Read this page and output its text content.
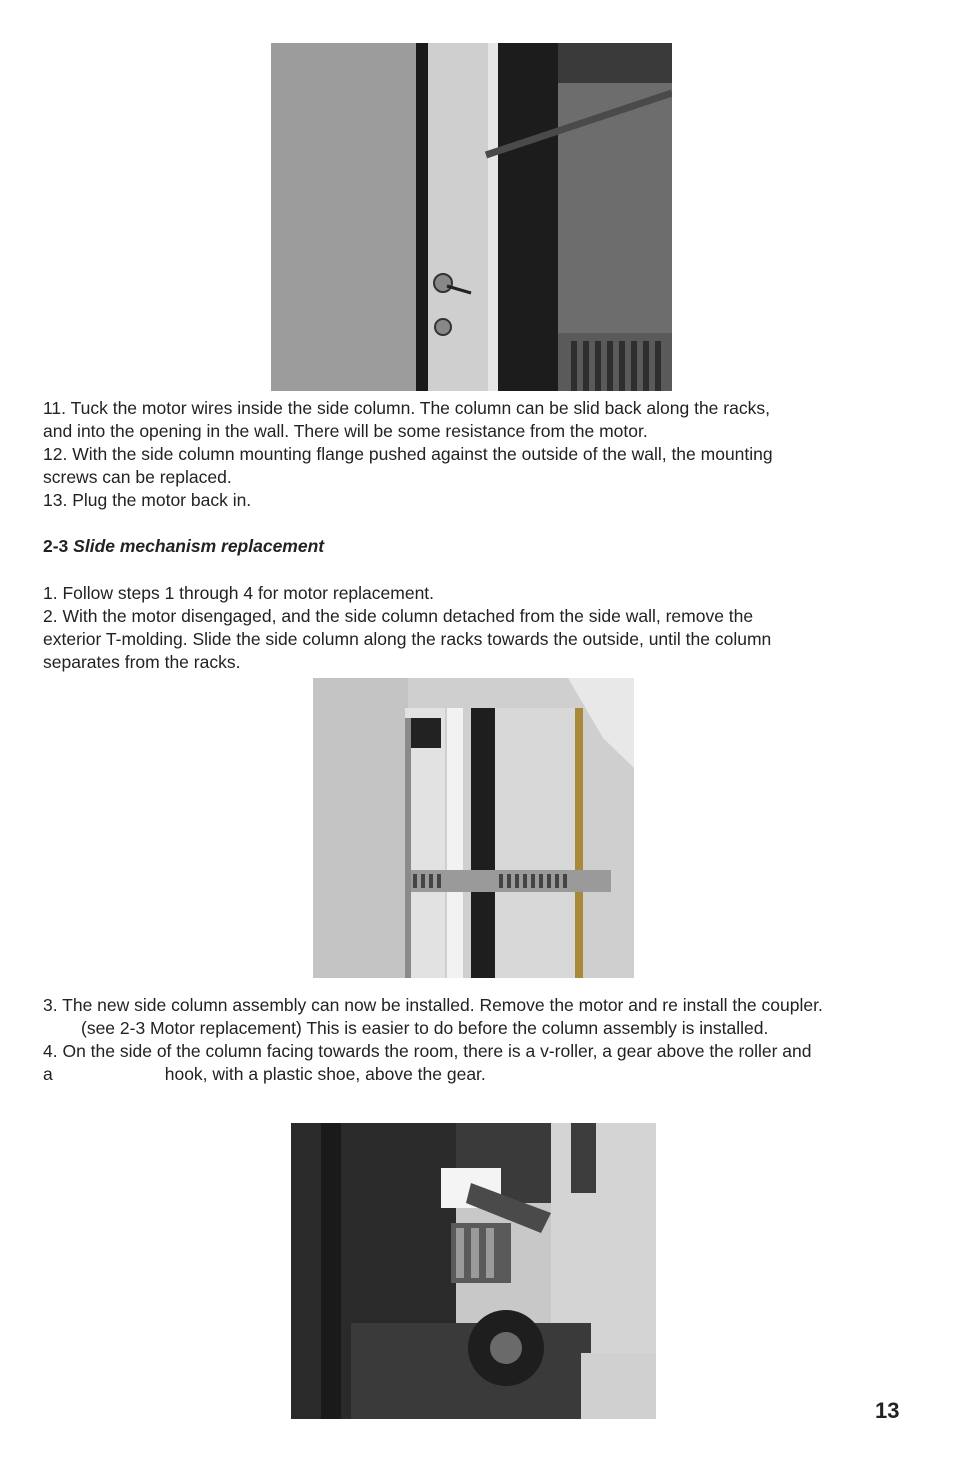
11. Tuck the motor wires inside the side column. The column can be slid back along the racks,
and into the opening in the wall. There will be some resistance from the motor.
12. With the side column mounting flange pushed against the outside of the wall, the mounting
screws can be replaced.
13. Plug the motor back in.
2-3 Slide mechanism replacement
1. Follow steps 1 through 4 for motor replacement.
2. With the motor disengaged, and the side column detached from the side wall, remove the
exterior T-molding. Slide the side column along the racks towards the outside, until the column
separates from the racks.
3. The new side column assembly can now be installed. Remove the motor and re install the coupler.
(see 2-3 Motor replacement) This is easier to do before the column assembly is installed.
4. On the side of the column facing towards the room, there is a v-roller, a gear above the roller and
a	hook, with a plastic shoe, above the gear.
13
